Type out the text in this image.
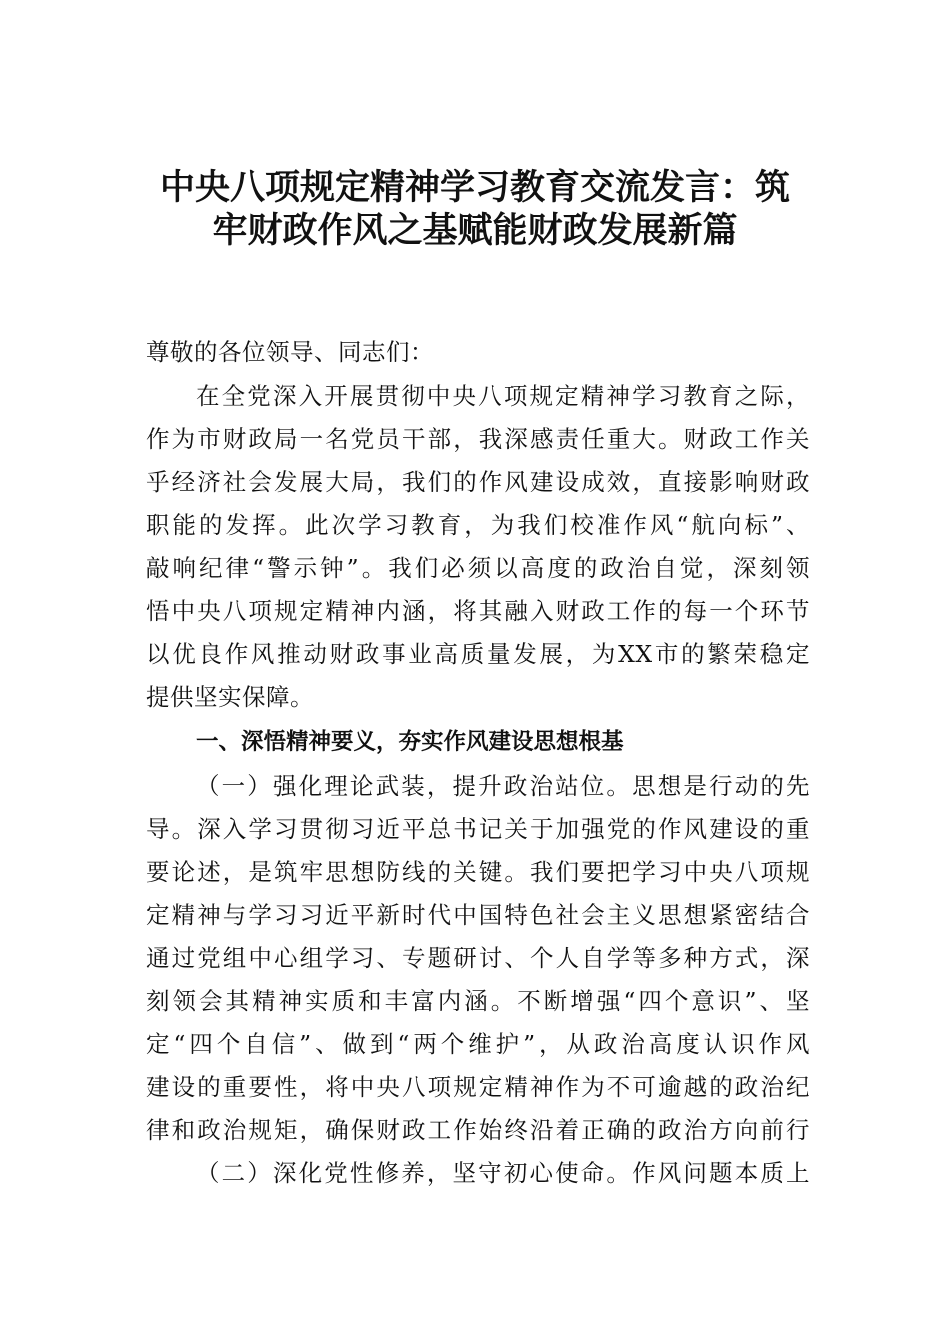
中央八项规定精神学习教育交流发言：筑
牢财政作风之基赋能财政发展新篇

尊敬的各位领导、同志们：

在全党深入开展贯彻中央八项规定精神学习教育之际，

作为市财政局一名党员干部，我深感责任重大。财政工作关

乎经济社会发展大局，我们的作风建设成效，直接影响财政

职能的发挥。此次学习教育，为我们校准作风“航向标”、

敲响纪律“警示钟”。我们必须以高度的政治自觉，深刻领

悟中央八项规定精神内涵，将其融入财政工作的每一个环节

以优良作风推动财政事业高质量发展，为XX市的繁荣稳定

提供坚实保障。

一、深悟精神要义，夯实作风建设思想根基

（一）强化理论武装，提升政治站位。思想是行动的先

导。深入学习贯彻习近平总书记关于加强党的作风建设的重

要论述，是筑牢思想防线的关键。我们要把学习中央八项规

定精神与学习习近平新时代中国特色社会主义思想紧密结合

通过党组中心组学习、专题研讨、个人自学等多种方式，深

刻领会其精神实质和丰富内涵。不断增强“四个意识”、坚

定“四个自信”、做到“两个维护”，从政治高度认识作风

建设的重要性，将中央八项规定精神作为不可逾越的政治纪

律和政治规矩，确保财政工作始终沿着正确的政治方向前行

（二）深化党性修养，坚守初心使命。作风问题本质上
